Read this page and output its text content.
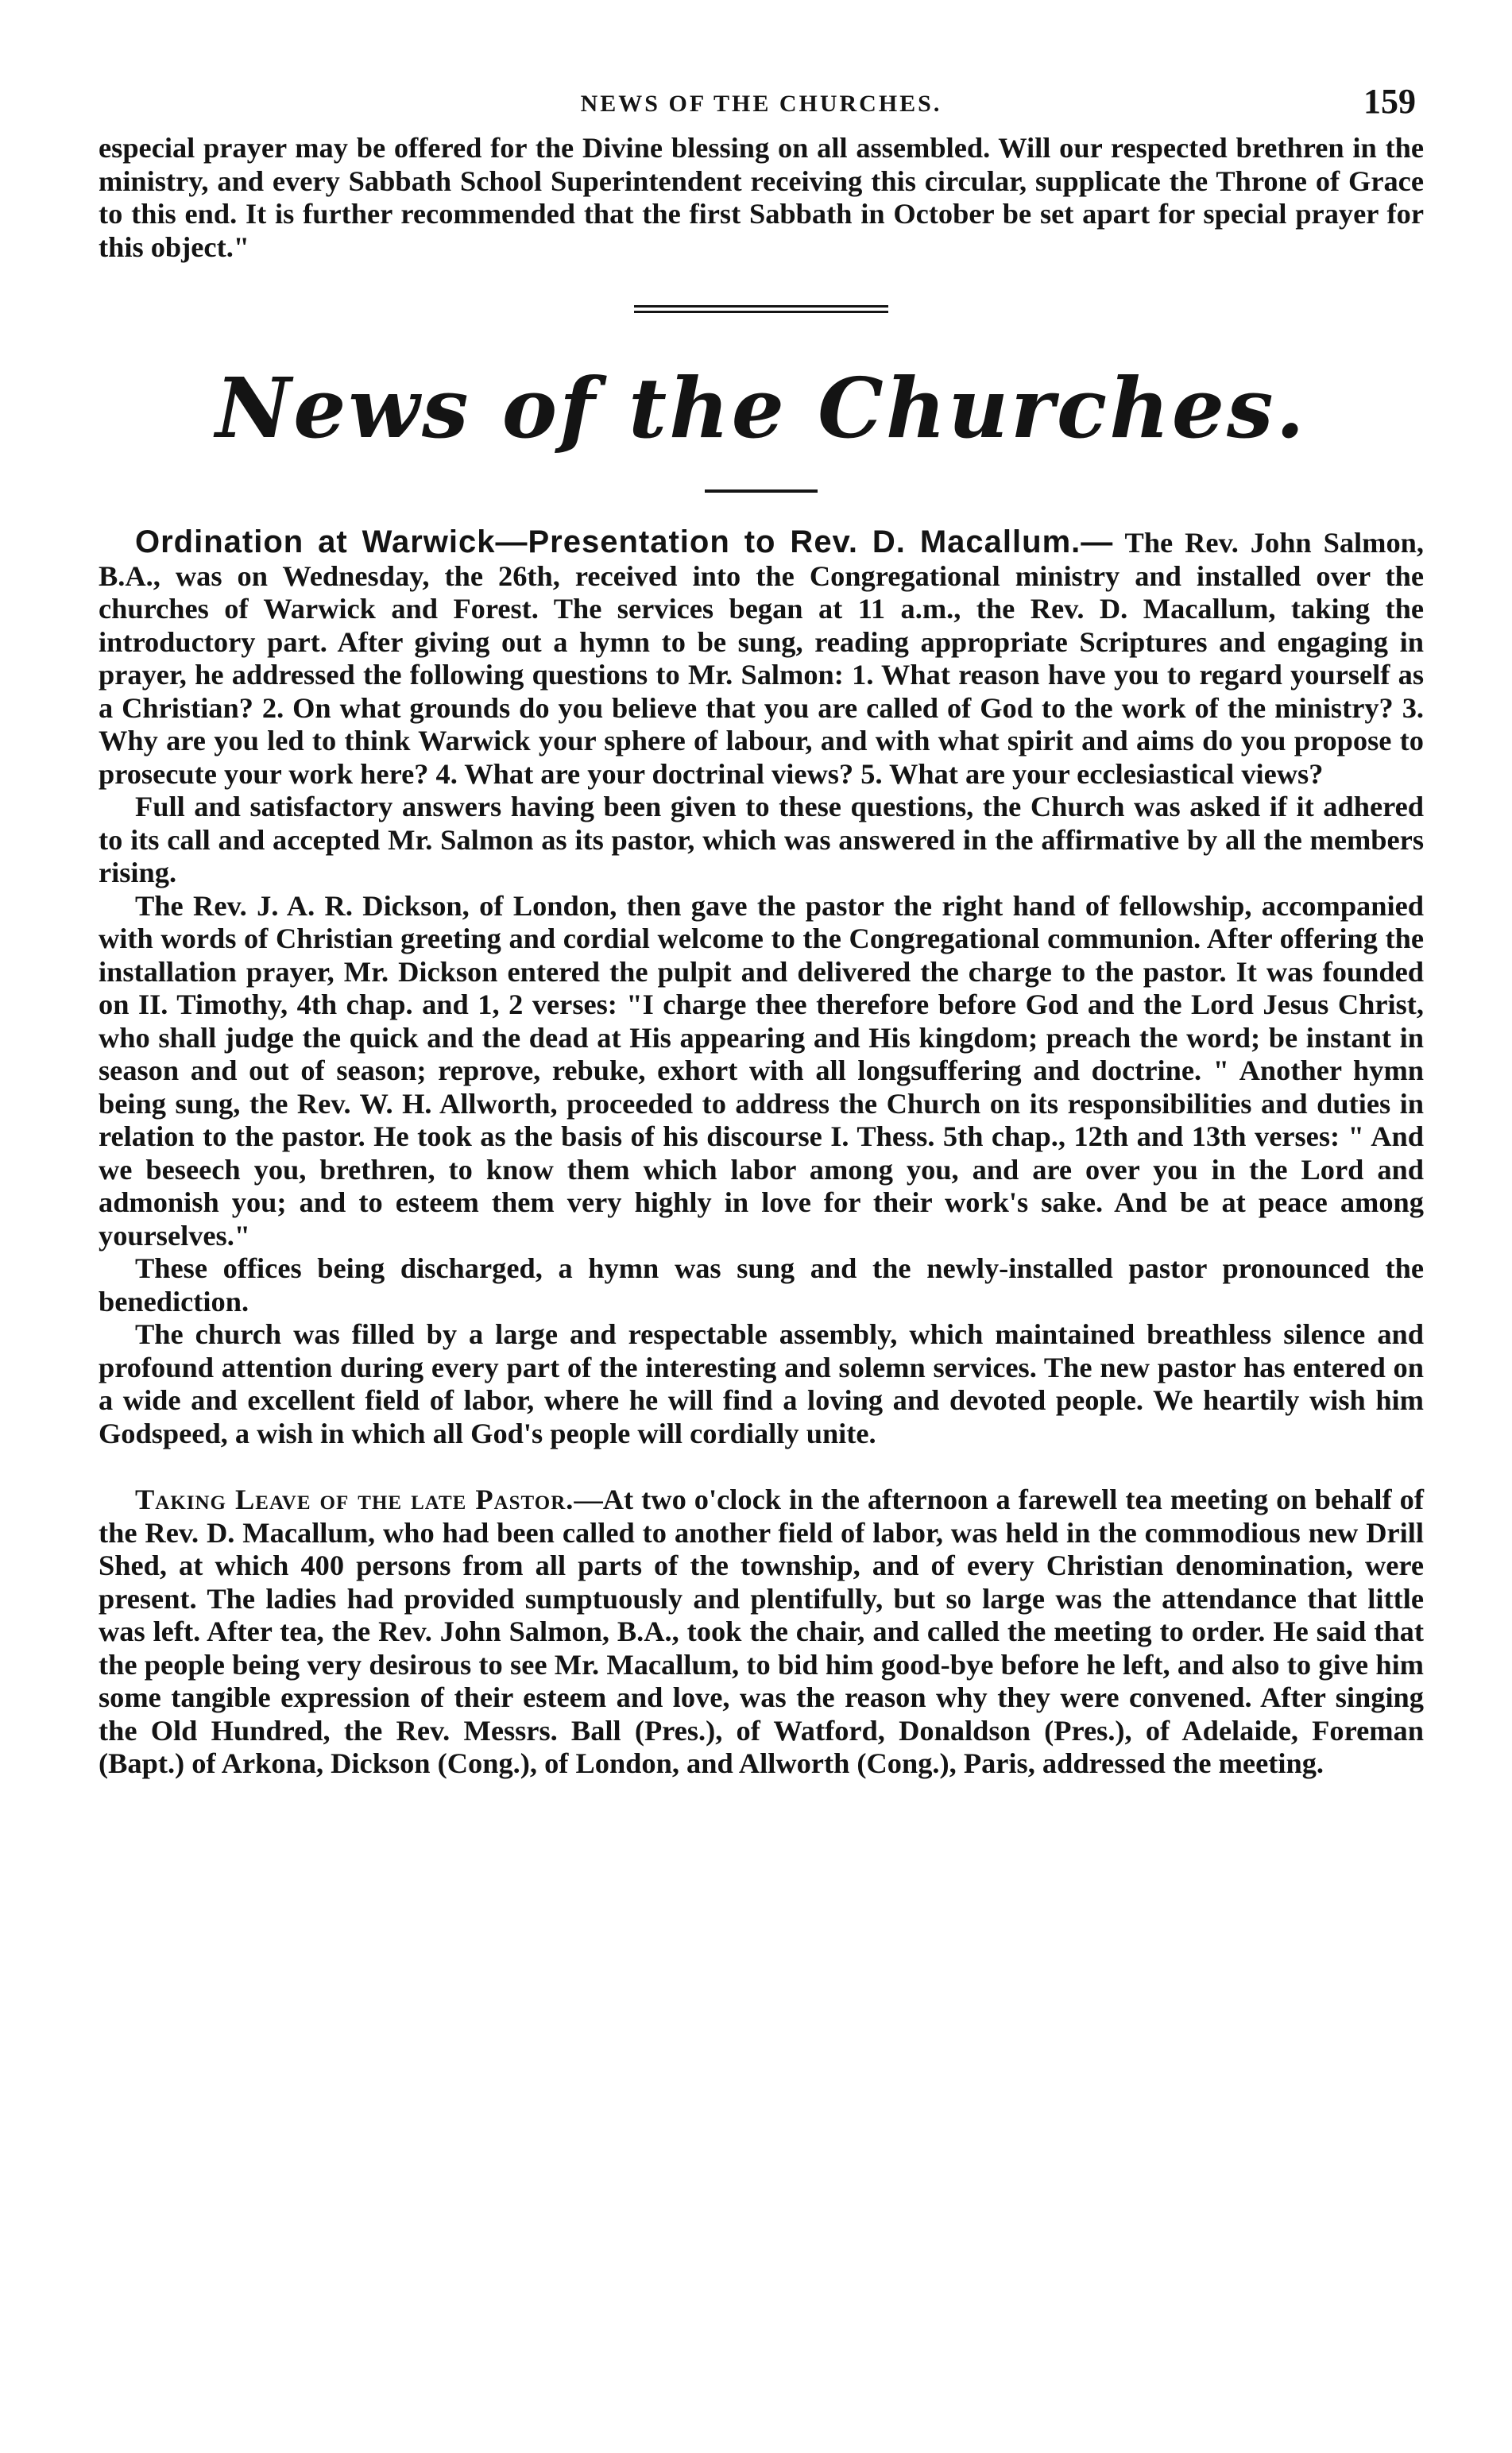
NEWS OF THE CHURCHES.	159

especial prayer may be offered for the Divine blessing on all assembled. Will our respected brethren in the ministry, and every Sabbath School Superintendent receiving this circular, supplicate the Throne of Grace to this end. It is further recommended that the first Sabbath in October be set apart for special prayer for this object."

News of the Churches.

Ordination at Warwick—Presentation to Rev. D. Macallum.— The Rev. John Salmon, B.A., was on Wednesday, the 26th, received into the Congregational ministry and installed over the churches of Warwick and Forest. The services began at 11 a.m., the Rev. D. Macallum, taking the introductory part. After giving out a hymn to be sung, reading appropriate Scriptures and engaging in prayer, he addressed the following questions to Mr. Salmon: 1. What reason have you to regard yourself as a Christian? 2. On what grounds do you believe that you are called of God to the work of the ministry? 3. Why are you led to think Warwick your sphere of labour, and with what spirit and aims do you propose to prosecute your work here? 4. What are your doctrinal views? 5. What are your ecclesiastical views?

Full and satisfactory answers having been given to these questions, the Church was asked if it adhered to its call and accepted Mr. Salmon as its pastor, which was answered in the affirmative by all the members rising.

The Rev. J. A. R. Dickson, of London, then gave the pastor the right hand of fellowship, accompanied with words of Christian greeting and cordial welcome to the Congregational communion. After offering the installation prayer, Mr. Dickson entered the pulpit and delivered the charge to the pastor. It was founded on II. Timothy, 4th chap. and 1, 2 verses: "I charge thee therefore before God and the Lord Jesus Christ, who shall judge the quick and the dead at His appearing and His kingdom; preach the word; be instant in season and out of season; reprove, rebuke, exhort with all longsuffering and doctrine. " Another hymn being sung, the Rev. W. H. Allworth, proceeded to address the Church on its responsibilities and duties in relation to the pastor. He took as the basis of his discourse I. Thess. 5th chap., 12th and 13th verses: " And we beseech you, brethren, to know them which labor among you, and are over you in the Lord and admonish you; and to esteem them very highly in love for their work's sake. And be at peace among yourselves."

These offices being discharged, a hymn was sung and the newly-installed pastor pronounced the benediction.

The church was filled by a large and respectable assembly, which maintained breathless silence and profound attention during every part of the interesting and solemn services. The new pastor has entered on a wide and excellent field of labor, where he will find a loving and devoted people. We heartily wish him Godspeed, a wish in which all God's people will cordially unite.

Taking Leave of the late Pastor.—At two o'clock in the afternoon a farewell tea meeting on behalf of the Rev. D. Macallum, who had been called to another field of labor, was held in the commodious new Drill Shed, at which 400 persons from all parts of the township, and of every Christian denomination, were present. The ladies had provided sumptuously and plentifully, but so large was the attendance that little was left. After tea, the Rev. John Salmon, B.A., took the chair, and called the meeting to order. He said that the people being very desirous to see Mr. Macallum, to bid him good-bye before he left, and also to give him some tangible expression of their esteem and love, was the reason why they were convened. After singing the Old Hundred, the Rev. Messrs. Ball (Pres.), of Watford, Donaldson (Pres.), of Adelaide, Foreman (Bapt.) of Arkona, Dickson (Cong.), of London, and Allworth (Cong.), Paris, addressed the meeting.
